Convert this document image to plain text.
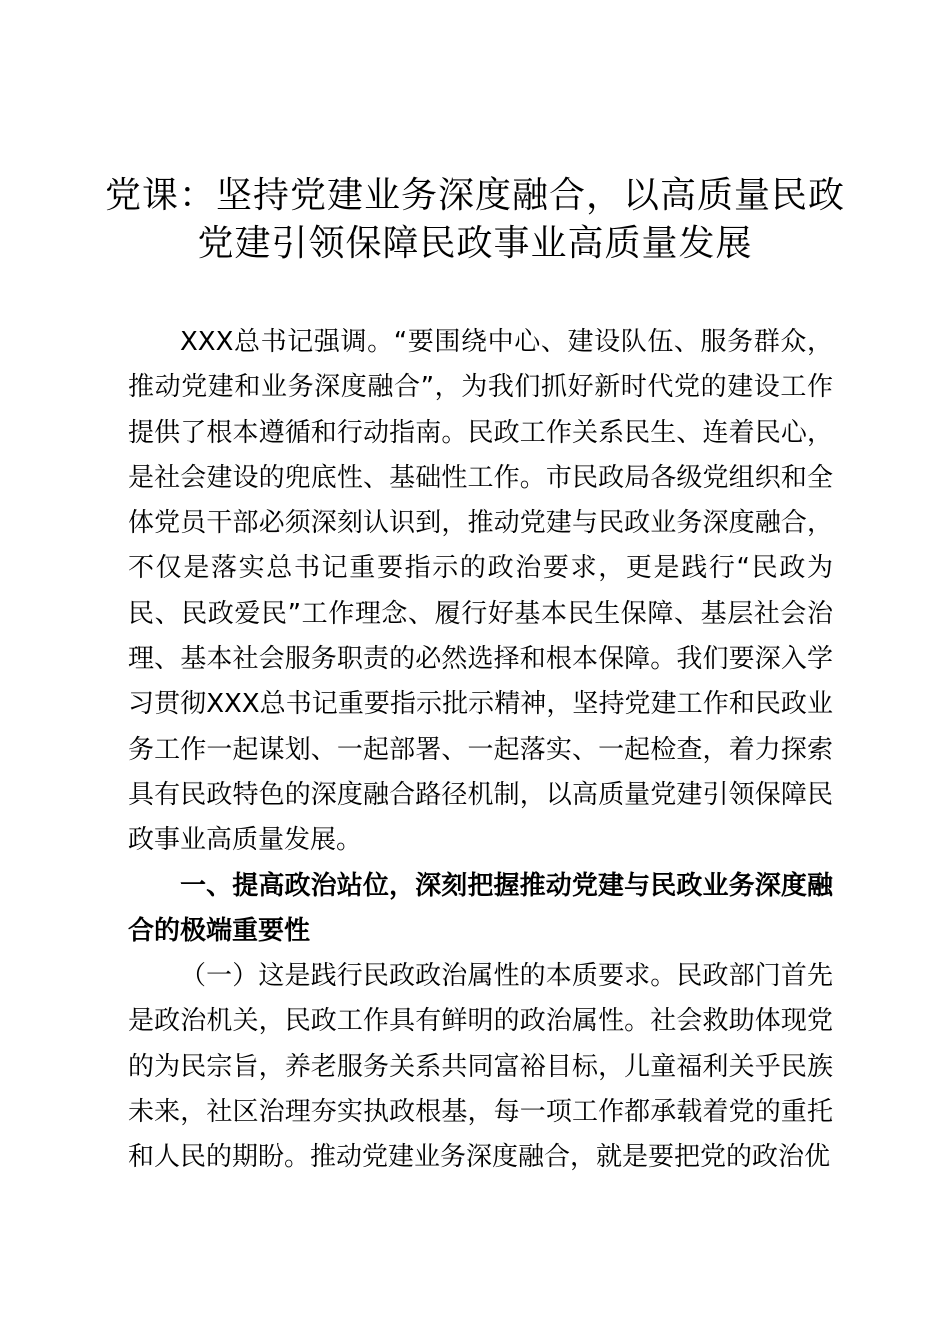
党课：坚持党建业务深度融合，以高质量民政
党建引领保障民政事业高质量发展

XXX总书记强调。“要围绕中心、建设队伍、服务群众，推动党建和业务深度融合”，为我们抓好新时代党的建设工作提供了根本遵循和行动指南。民政工作关系民生、连着民心，是社会建设的兜底性、基础性工作。市民政局各级党组织和全体党员干部必须深刻认识到，推动党建与民政业务深度融合，不仅是落实总书记重要指示的政治要求，更是践行“民政为民、民政爱民”工作理念、履行好基本民生保障、基层社会治理、基本社会服务职责的必然选择和根本保障。我们要深入学习贯彻XXX总书记重要指示批示精神，坚持党建工作和民政业务工作一起谋划、一起部署、一起落实、一起检查，着力探索具有民政特色的深度融合路径机制，以高质量党建引领保障民政事业高质量发展。

一、提高政治站位，深刻把握推动党建与民政业务深度融合的极端重要性

（一）这是践行民政政治属性的本质要求。民政部门首先是政治机关，民政工作具有鲜明的政治属性。社会救助体现党的为民宗旨，养老服务关系共同富裕目标，儿童福利关乎民族未来，社区治理夯实执政根基，每一项工作都承载着党的重托和人民的期盼。推动党建业务深度融合，就是要把党的政治优
